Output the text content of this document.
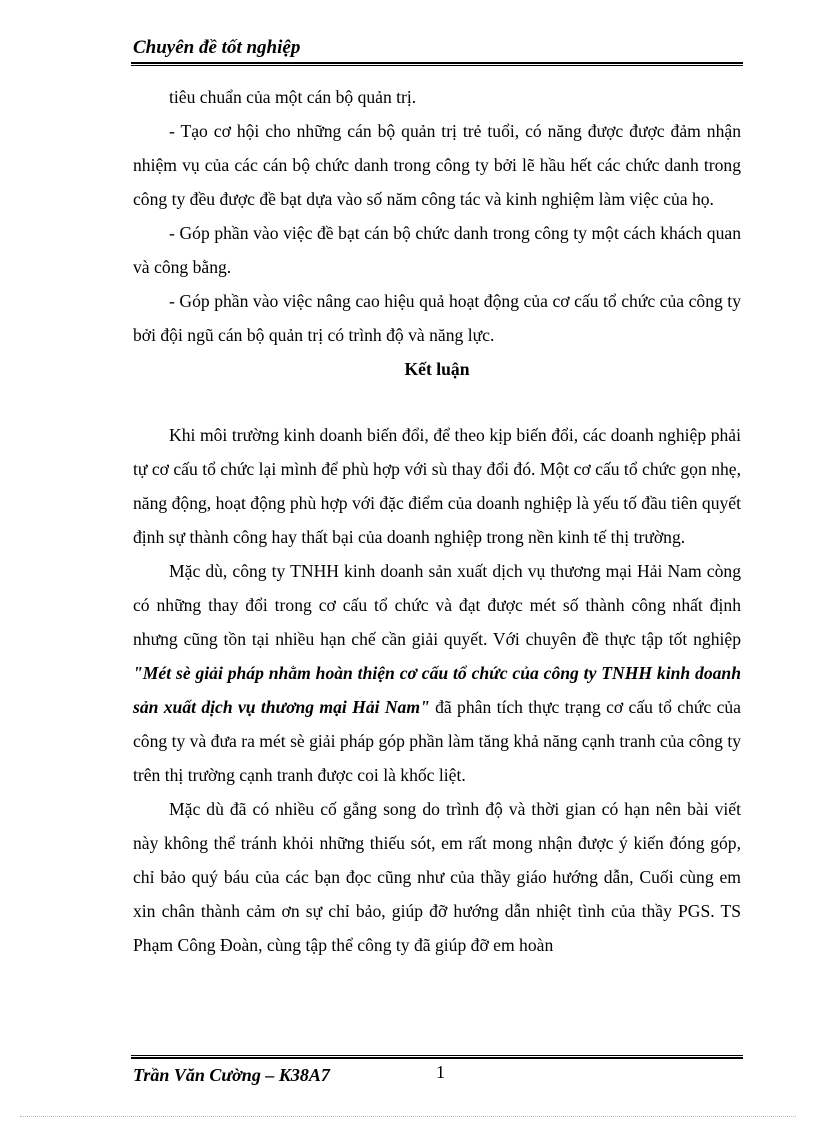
Chuyên đề tốt nghiệp

tiêu chuẩn của một cán bộ quản trị.

- Tạo cơ hội cho những cán bộ quản trị trẻ tuổi, có năng được được đảm nhận nhiệm vụ của các cán bộ chức danh trong công ty bởi lẽ hầu hết các chức danh trong công ty đều được đề bạt dựa vào số năm công tác và kinh nghiệm làm việc của họ.

- Góp phần vào việc đề bạt cán bộ chức danh trong công ty một cách khách quan và công bằng.

- Góp phần vào việc nâng cao hiệu quả hoạt động của cơ cấu tổ chức của công ty bởi đội ngũ cán bộ quản trị có trình độ và năng lực.

Kết luận

Khi môi trường kinh doanh biến đổi, để theo kịp biến đổi, các doanh nghiệp phải tự cơ cấu tổ chức lại mình để phù hợp với sù thay đổi đó. Một cơ cấu tổ chức gọn nhẹ, năng động, hoạt động phù hợp với đặc điểm của doanh nghiệp là yếu tố đầu tiên quyết định sự thành công hay thất bại của doanh nghiệp trong nền kinh tế thị trường.

Mặc dù, công ty TNHH kinh doanh sản xuất dịch vụ thương mại Hải Nam còng có những thay đổi trong cơ cấu tổ chức và đạt được mét số thành công nhất định nhưng cũng tồn tại nhiều hạn chế cần giải quyết. Với chuyên đề thực tập tốt nghiệp "Mét sè giải pháp nhằm hoàn thiện cơ cấu tổ chức của công ty TNHH kinh doanh sản xuất dịch vụ thương mại Hải Nam" đã phân tích thực trạng cơ cấu tổ chức của công ty và đưa ra mét sè giải pháp góp phần làm tăng khả năng cạnh tranh của công ty trên thị trường cạnh tranh được coi là khốc liệt.

Mặc dù đã có nhiều cố gắng song do trình độ và thời gian có hạn nên bài viết này không thể tránh khỏi những thiếu sót, em rất mong nhận được ý kiến đóng góp, chỉ bảo quý báu của các bạn đọc cũng như của thầy giáo hướng dẫn, Cuối cùng em xin chân thành cảm ơn sự chỉ bảo, giúp đỡ hướng dẫn nhiệt tình của thầy PGS. TS Phạm Công Đoàn, cùng tập thể công ty đã giúp đỡ em hoàn

Trần Văn Cường – K38A7	1
